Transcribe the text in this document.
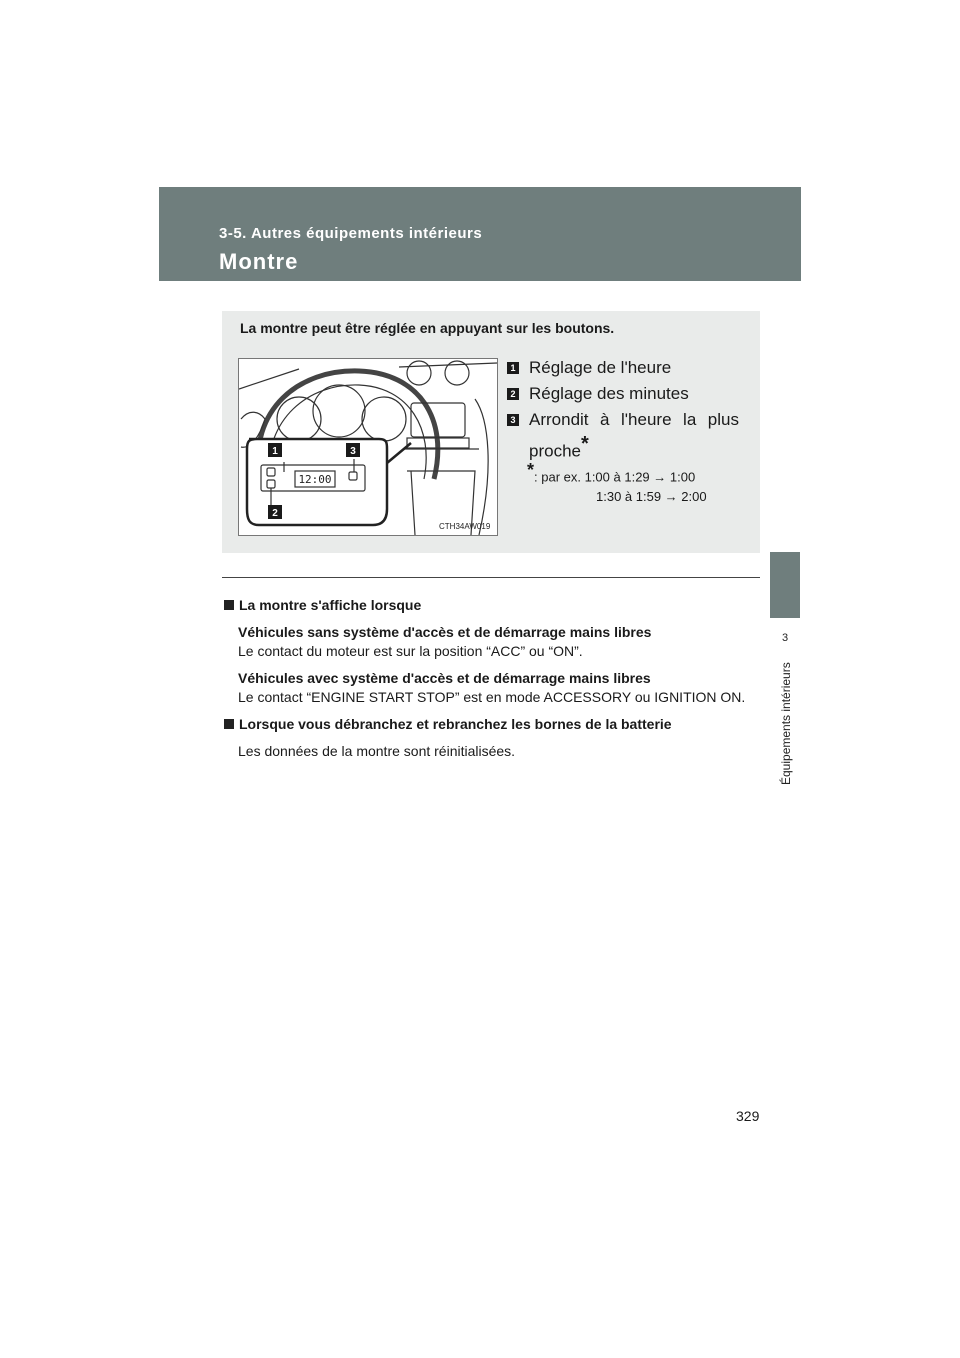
3-5. Autres équipements intérieurs
Montre
3
Équipements intérieurs
La montre peut être réglée en appuyant sur les boutons.
12:00
1	3
2
CTH34AW019
1 Réglage de l'heure
2 Réglage des minutes
3 Arrondit à l'heure la plus
proche*
*: par ex. 1:00 à 1:29 → 1:00
1:30 à 1:59 → 2:00
La montre s'affiche lorsque
Véhicules sans système d'accès et de démarrage mains libres
Le contact du moteur est sur la position “ACC” ou “ON”.
Véhicules avec système d'accès et de démarrage mains libres
Le contact “ENGINE START STOP” est en mode ACCESSORY ou IGNITION ON.
Lorsque vous débranchez et rebranchez les bornes de la batterie
Les données de la montre sont réinitialisées.
329
